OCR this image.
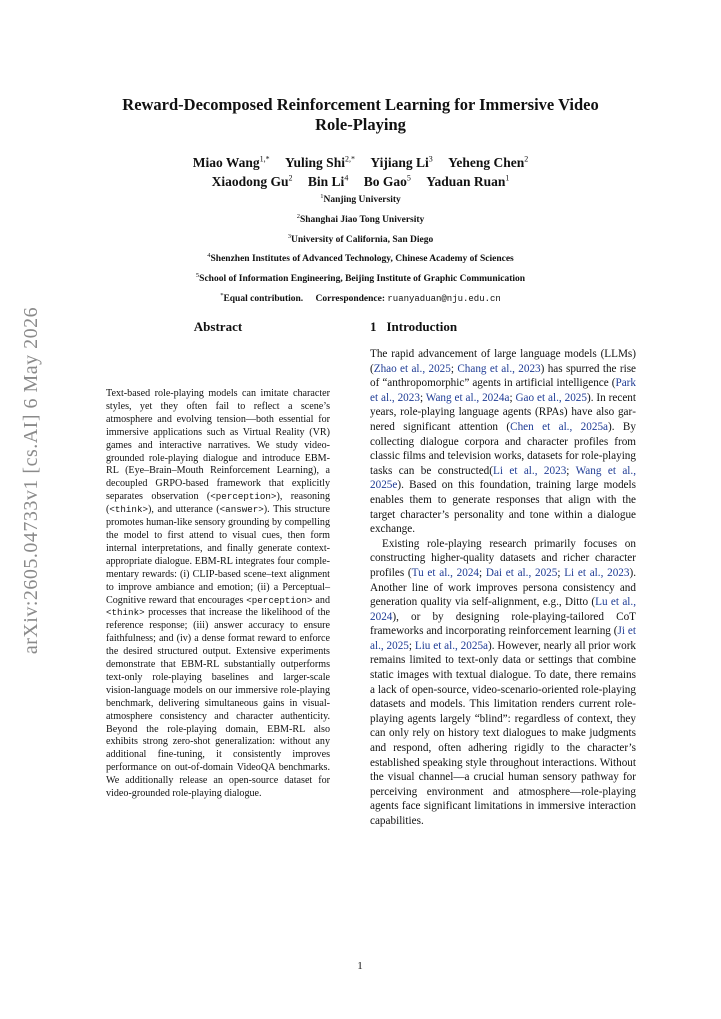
arXiv:2605.04733v1 [cs.AI] 6 May 2026
Reward-Decomposed Reinforcement Learning for Immersive Video
Role-Playing
Miao Wang$^{1,*}$ Yuling Shi$^{2,*}$ Yijiang Li$^3$ Yeheng Chen$^2$
Xiaodong Gu$^2$ Bin Li$^4$ Bo Gao$^5$ Yaduan Ruan$^1$
$^1$Nanjing University
$^2$Shanghai Jiao Tong University
$^3$University of California, San Diego
$^4$Shenzhen Institutes of Advanced Technology, Chinese Academy of Sciences
$^5$School of Information Engineering, Beijing Institute of Graphic Communication
*Equal contribution. Correspondence: ruanyaduan@nju.edu.cn
Abstract

Text-based role-playing models can imitate character styles, yet they often fail to reflect a scene’s atmosphere and evolving tension—both essential for immersive applications such as Virtual Reality (VR) games and interactive narratives. We study video-grounded role-playing dialogue and introduce EBM-RL (Eye–Brain–Mouth Reinforcement Learning), a decoupled GRPO-based framework that explicitly separates observation (<perception>), reasoning (<think>), and utterance (<answer>). This structure promotes human-like sensory grounding by compelling the model to first attend to visual cues, then form internal interpretations, and finally generate context-appropriate dialogue. EBM-RL integrates four complementary rewards: (i) CLIP-based scene–text alignment to improve ambiance and emotion; (ii) a Perceptual–Cognitive reward that encourages <perception> and <think> processes that increase the likelihood of the reference response; (iii) answer accuracy to ensure faithfulness; and (iv) a dense format reward to enforce the desired structured output. Extensive experiments demonstrate that EBM-RL substantially outperforms text-only role-playing baselines and larger-scale vision-language models on our immersive role-playing benchmark, delivering simultaneous gains in visual-atmosphere consistency and character authenticity. Beyond the role-playing domain, EBM-RL also exhibits strong zero-shot generalization: without any additional fine-tuning, it consistently improves performance on out-of-domain VideoQA benchmarks. We additionally release an open-source dataset for video-grounded role-playing dialogue.

1 Introduction

The rapid advancement of large language models (LLMs) (Zhao et al., 2025; Chang et al., 2023) has spurred the rise of “anthropomorphic” agents in artificial intelligence (Park et al., 2023; Wang et al., 2024a; Gao et al., 2025). In recent years, role-playing language agents (RPAs) have also garnered significant attention (Chen et al., 2025a). By collecting dialogue corpora and character profiles from classic films and television works, datasets for role-playing tasks can be constructed(Li et al., 2023; Wang et al., 2025e). Based on this foundation, training large models enables them to generate responses that align with the target character’s personality and tone within a dialogue exchange.

Existing role-playing research primarily focuses on constructing higher-quality datasets and richer character profiles (Tu et al., 2024; Dai et al., 2025; Li et al., 2023). Another line of work improves persona consistency and generation quality via self-alignment, e.g., Ditto (Lu et al., 2024), or by designing role-playing-tailored CoT frameworks and incorporating reinforcement learning (Ji et al., 2025; Liu et al., 2025a). However, nearly all prior work remains limited to text-only data or settings that combine static images with textual dialogue. To date, there remains a lack of open-source, video-scenario-oriented role-playing datasets and models. This limitation renders current role-playing agents largely “blind”: regardless of context, they can only rely on history text dialogues to make judgments and respond, often adhering rigidly to the character’s established speaking style throughout interactions. Without the visual channel—a crucial human sensory pathway for perceiving environment and atmosphere—role-playing agents face significant limitations in immersive interaction capabilities.

1
